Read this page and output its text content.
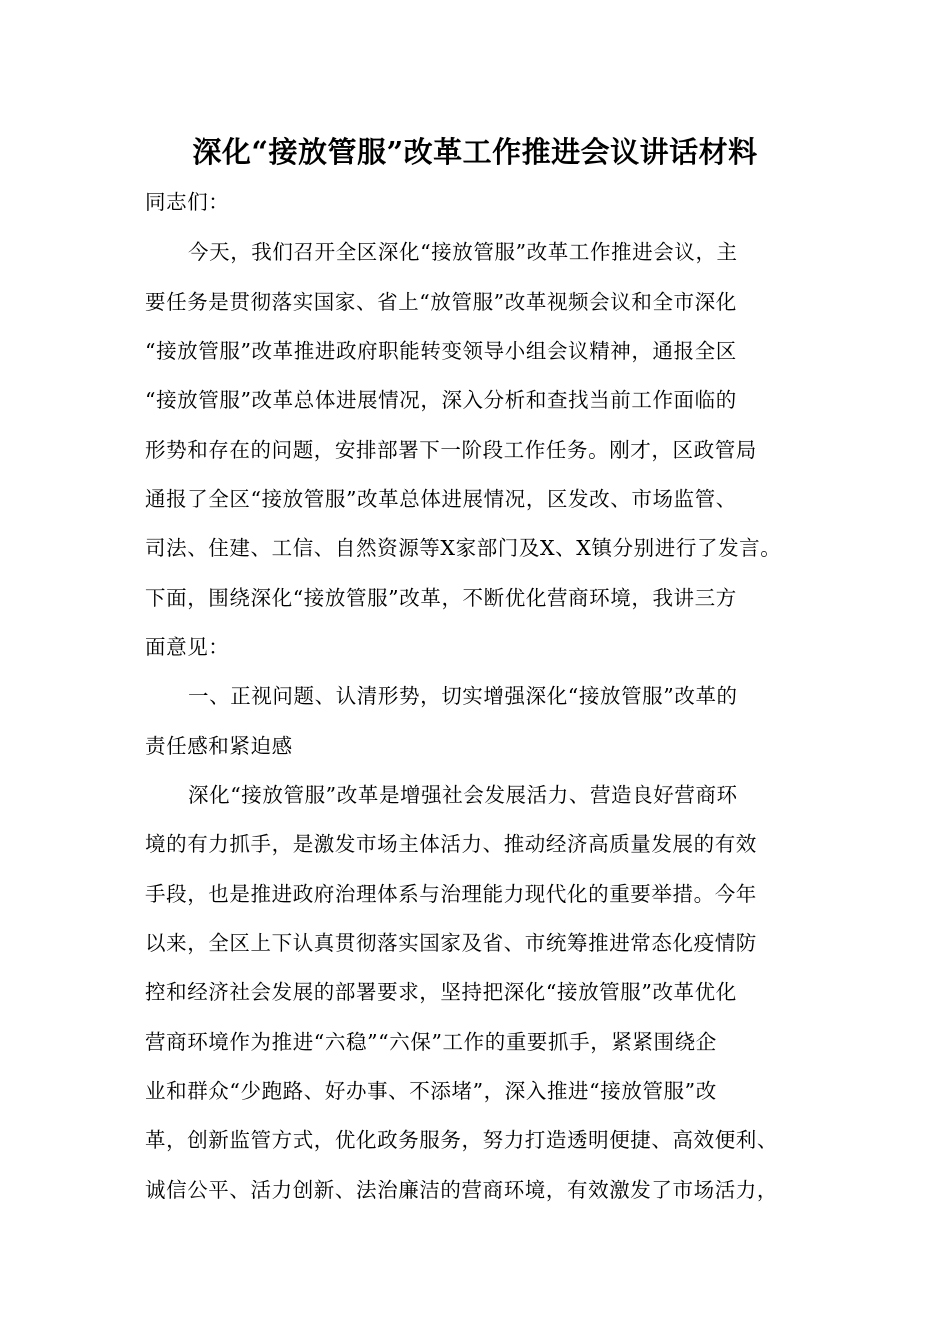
深化“接放管服”改革工作推进会议讲话材料
同志们：
今天，我们召开全区深化“接放管服”改革工作推进会议，主
要任务是贯彻落实国家、省上“放管服”改革视频会议和全市深化
“接放管服”改革推进政府职能转变领导小组会议精神，通报全区
“接放管服”改革总体进展情况，深入分析和查找当前工作面临的
形势和存在的问题，安排部署下一阶段工作任务。刚才，区政管局
通报了全区“接放管服”改革总体进展情况，区发改、市场监管、
司法、住建、工信、自然资源等X家部门及X、X镇分别进行了发言。
下面，围绕深化“接放管服”改革，不断优化营商环境，我讲三方
面意见：
一、正视问题、认清形势，切实增强深化“接放管服”改革的
责任感和紧迫感
深化“接放管服”改革是增强社会发展活力、营造良好营商环
境的有力抓手，是激发市场主体活力、推动经济高质量发展的有效
手段，也是推进政府治理体系与治理能力现代化的重要举措。今年
以来，全区上下认真贯彻落实国家及省、市统筹推进常态化疫情防
控和经济社会发展的部署要求，坚持把深化“接放管服”改革优化
营商环境作为推进“六稳”“六保”工作的重要抓手，紧紧围绕企
业和群众“少跑路、好办事、不添堵”，深入推进“接放管服”改
革，创新监管方式，优化政务服务，努力打造透明便捷、高效便利、
诚信公平、活力创新、法治廉洁的营商环境，有效激发了市场活力，
